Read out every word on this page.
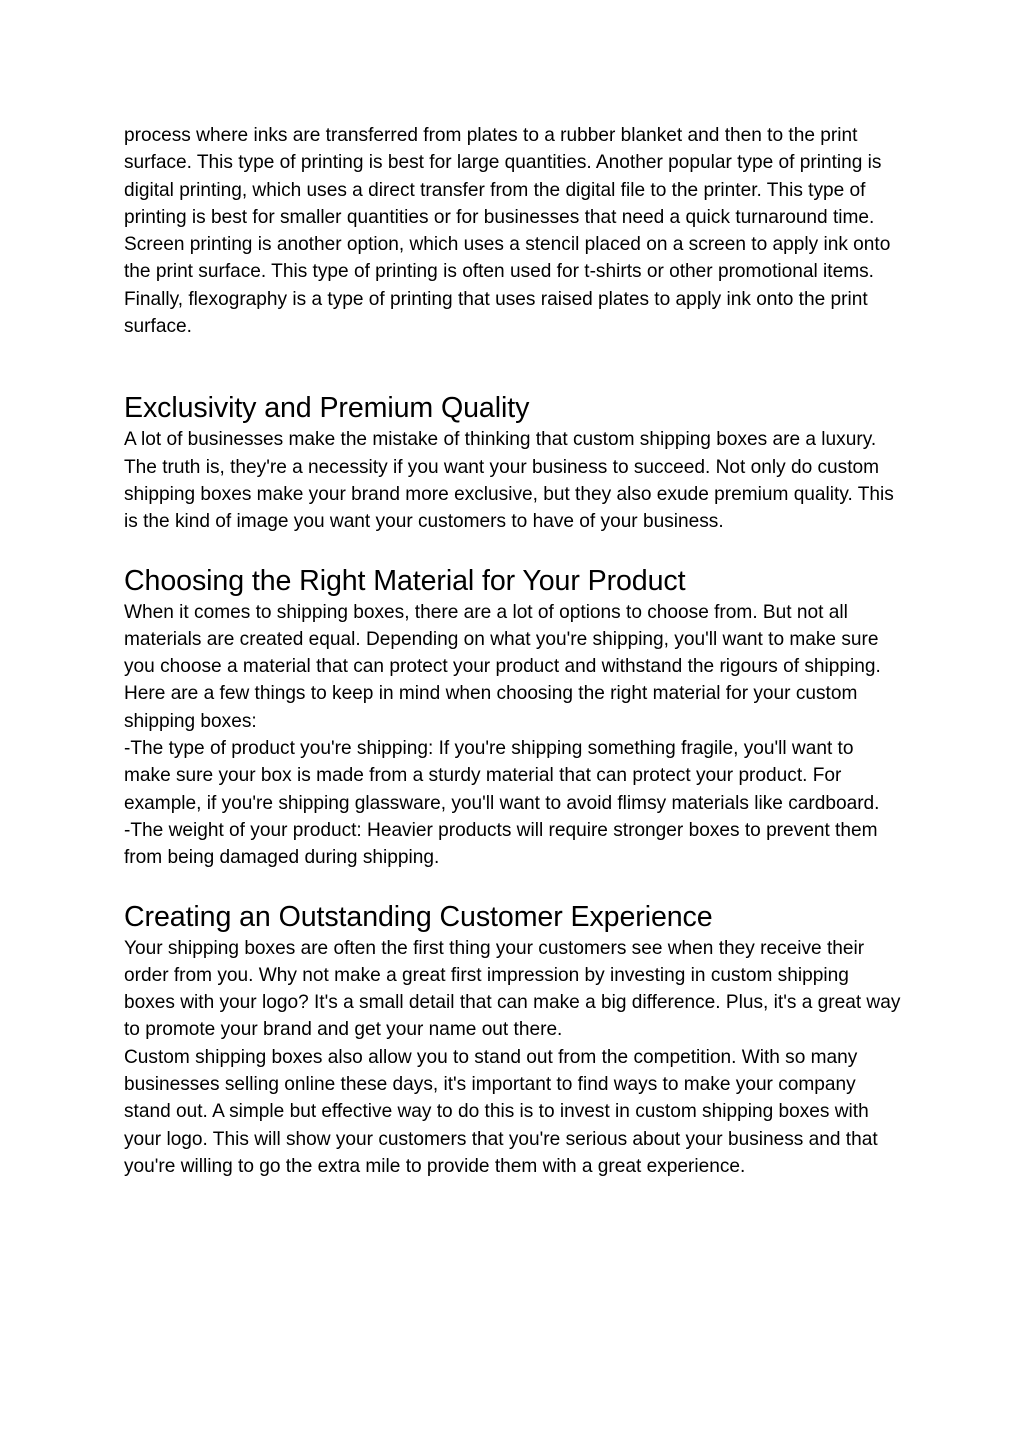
process where inks are transferred from plates to a rubber blanket and then to the print surface. This type of printing is best for large quantities. Another popular type of printing is digital printing, which uses a direct transfer from the digital file to the printer. This type of printing is best for smaller quantities or for businesses that need a quick turnaround time. Screen printing is another option, which uses a stencil placed on a screen to apply ink onto the print surface. This type of printing is often used for t-shirts or other promotional items. Finally, flexography is a type of printing that uses raised plates to apply ink onto the print surface.

Exclusivity and Premium Quality

A lot of businesses make the mistake of thinking that custom shipping boxes are a luxury. The truth is, they're a necessity if you want your business to succeed. Not only do custom shipping boxes make your brand more exclusive, but they also exude premium quality. This is the kind of image you want your customers to have of your business.

Choosing the Right Material for Your Product

When it comes to shipping boxes, there are a lot of options to choose from. But not all materials are created equal. Depending on what you're shipping, you'll want to make sure you choose a material that can protect your product and withstand the rigours of shipping.

Here are a few things to keep in mind when choosing the right material for your custom shipping boxes:

-The type of product you're shipping: If you're shipping something fragile, you'll want to make sure your box is made from a sturdy material that can protect your product. For example, if you're shipping glassware, you'll want to avoid flimsy materials like cardboard.

-The weight of your product: Heavier products will require stronger boxes to prevent them from being damaged during shipping.

Creating an Outstanding Customer Experience

Your shipping boxes are often the first thing your customers see when they receive their order from you. Why not make a great first impression by investing in custom shipping boxes with your logo? It's a small detail that can make a big difference. Plus, it's a great way to promote your brand and get your name out there.

Custom shipping boxes also allow you to stand out from the competition. With so many businesses selling online these days, it's important to find ways to make your company stand out. A simple but effective way to do this is to invest in custom shipping boxes with your logo. This will show your customers that you're serious about your business and that you're willing to go the extra mile to provide them with a great experience.
